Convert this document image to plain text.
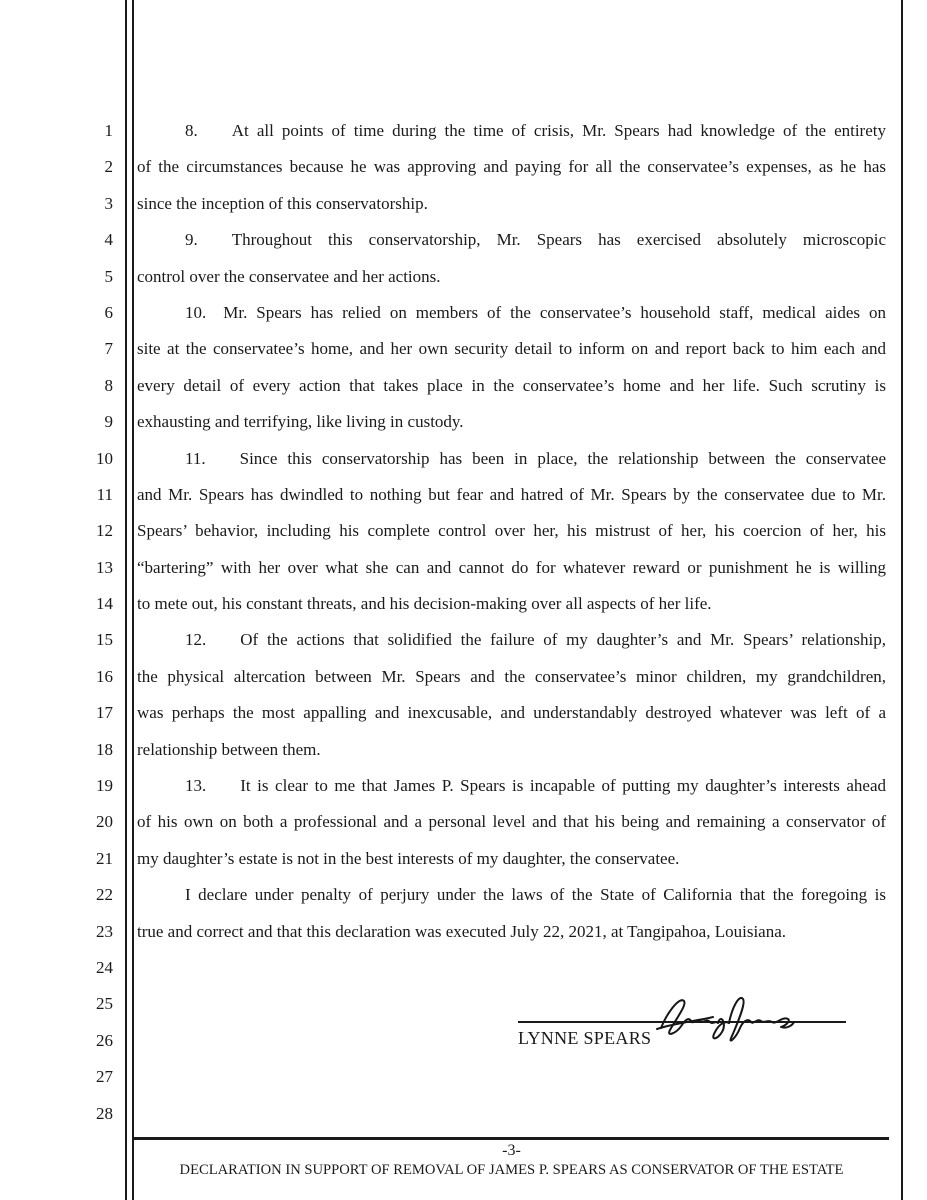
1
2
3
4
5
6
7
8
9
10
11
12
13
14
15
16
17
18
19
20
21
22
23
24
25
26
27
28
8.  At all points of time during the time of crisis, Mr. Spears had knowledge of the entirety
of the circumstances because he was approving and paying for all the conservatee’s expenses, as he has
since the inception of this conservatorship.
9.  Throughout this conservatorship, Mr. Spears has exercised absolutely microscopic
control over the conservatee and her actions.
10. Mr. Spears has relied on members of the conservatee’s household staff, medical aides on
site at the conservatee’s home, and her own security detail to inform on and report back to him each and
every detail of every action that takes place in the conservatee’s home and her life. Such scrutiny is
exhausting and terrifying, like living in custody.
11.  Since this conservatorship has been in place, the relationship between the conservatee
and Mr. Spears has dwindled to nothing but fear and hatred of Mr. Spears by the conservatee due to Mr.
Spears’ behavior, including his complete control over her, his mistrust of her, his coercion of her, his
“bartering” with her over what she can and cannot do for whatever reward or punishment he is willing
to mete out, his constant threats, and his decision-making over all aspects of her life.
12.  Of the actions that solidified the failure of my daughter’s and Mr. Spears’ relationship,
the physical altercation between Mr. Spears and the conservatee’s minor children, my grandchildren,
was perhaps the most appalling and inexcusable, and understandably destroyed whatever was left of a
relationship between them.
13.  It is clear to me that James P. Spears is incapable of putting my daughter’s interests ahead
of his own on both a professional and a personal level and that his being and remaining a conservator of
my daughter’s estate is not in the best interests of my daughter, the conservatee.
I declare under penalty of perjury under the laws of the State of California that the foregoing is
true and correct and that this declaration was executed July 22, 2021, at Tangipahoa, Louisiana.
LYNNE SPEARS
-3-
DECLARATION IN SUPPORT OF REMOVAL OF JAMES P. SPEARS AS CONSERVATOR OF THE ESTATE
